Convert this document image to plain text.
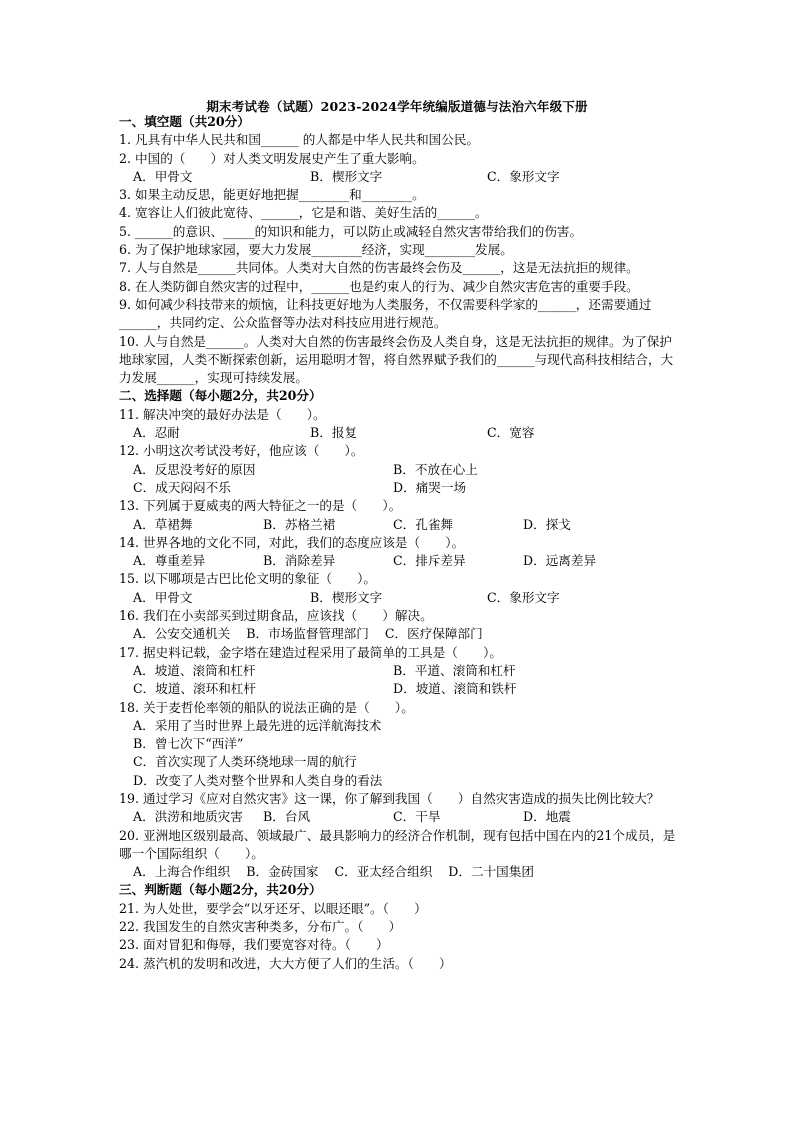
期末考试卷（试题）2023-2024学年统编版道德与法治六年级下册
一、填空题（共20分）
1. 凡具有中华人民共和国______ 的人都是中华人民共和国公民。
2. 中国的（　　）对人类文明发展史产生了重大影响。
A．甲骨文	B．楔形文字	C．象形文字
3. 如果主动反思，能更好地把握________和________。
4. 宽容让人们彼此宽待、______，它是和谐、美好生活的______。
5. ______的意识、_____的知识和能力，可以防止或减轻自然灾害带给我们的伤害。
6. 为了保护地球家园，要大力发展________经济，实现________发展。
7. 人与自然是______共同体。人类对大自然的伤害最终会伤及______，这是无法抗拒的规律。
8. 在人类防御自然灾害的过程中，______也是约束人的行为、减少自然灾害危害的重要手段。
9. 如何减少科技带来的烦恼，让科技更好地为人类服务，不仅需要科学家的______，还需要通过______，共同约定、公众监督等办法对科技应用进行规范。
10. 人与自然是______。人类对大自然的伤害最终会伤及人类自身，这是无法抗拒的规律。为了保护地球家园，人类不断探索创新，运用聪明才智，将自然界赋予我们的______与现代高科技相结合，大力发展______，实现可持续发展。
二、选择题（每小题2分，共20分）
11. 解决冲突的最好办法是（　　）。
A．忍耐	B．报复	C．宽容
12. 小明这次考试没考好，他应该（　　）。
A．反思没考好的原因	B．不放在心上
C．成天闷闷不乐	D．痛哭一场
13. 下列属于夏威夷的两大特征之一的是（　　）。
A．草裙舞	B．苏格兰裙	C．孔雀舞	D．探戈
14. 世界各地的文化不同，对此，我们的态度应该是（　　）。
A．尊重差异	B．消除差异	C．排斥差异	D．远离差异
15. 以下哪项是古巴比伦文明的象征（　　）。
A．甲骨文	B．楔形文字	C．象形文字
16. 我们在小卖部买到过期食品，应该找（　　）解决。
A．公安交通机关 B．市场监督管理部门 C．医疗保障部门
17. 据史料记载，金字塔在建造过程采用了最简单的工具是（　　）。
A．坡道、滚筒和杠杆	B．平道、滚筒和杠杆
C．坡道、滚环和杠杆	D．坡道、滚筒和铁杆
18. 关于麦哲伦率领的船队的说法正确的是（　　）。
A．采用了当时世界上最先进的远洋航海技术
B．曾七次下“西洋”
C．首次实现了人类环绕地球一周的航行
D．改变了人类对整个世界和人类自身的看法
19. 通过学习《应对自然灾害》这一课，你了解到我国（　　）自然灾害造成的损失比例比较大？
A．洪涝和地质灾害	B．台风	C．干旱	D．地震
20. 亚洲地区级别最高、领域最广、最具影响力的经济合作机制，现有包括中国在内的21个成员，是哪一个国际组织（　　）。
A．上海合作组织 B．金砖国家 C．亚太经合组织 D．二十国集团
三、判断题（每小题2分，共20分）
21. 为人处世，要学会“以牙还牙、以眼还眼”。（　　）
22. 我国发生的自然灾害种类多，分布广。（　　）
23. 面对冒犯和侮辱，我们要宽容对待。（　　）
24. 蒸汽机的发明和改进，大大方便了人们的生活。（　　）
